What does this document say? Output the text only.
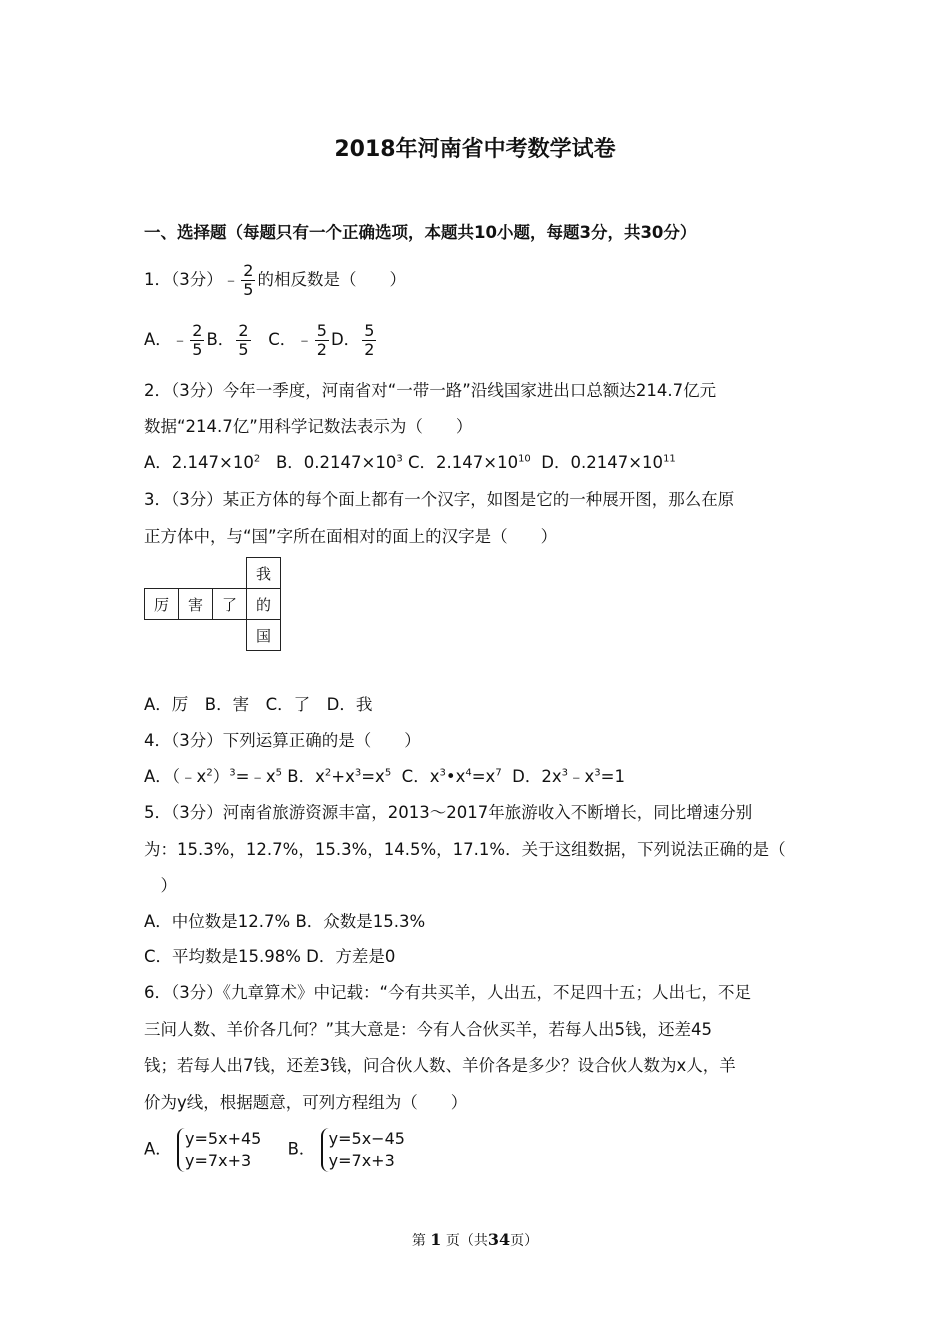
2018年河南省中考数学试卷
一、选择题（每题只有一个正确选项，本题共10小题，每题3分，共30分）
1．（3分）﹣ $\frac{2}{5}$ 的相反数是（　　）
A．﹣ $\frac{2}{5}$ B． $\frac{2}{5}$ C．﹣ $\frac{5}{2}$ D． $\frac{5}{2}$
2．（3分）今年一季度，河南省对“一带一路”沿线国家进出口总额达214.7亿元
数据“214.7亿”用科学记数法表示为（　　）
A．$2.147\times 10^2$ B．$0.2147\times 10^3$ C．$2.147\times 10^{10}$ D．$0.2147\times 10^{11}$
3．（3分）某正方体的每个面上都有一个汉字，如图是它的一种展开图，那么在原
正方体中，与“国”字所在面相对的面上的汉字是（　　）
			我
厉	害	了	的
			国
A．厉　B．害　C．了　D．我
4．（3分）下列运算正确的是（　　）
A．$(﹣x^2)^3=﹣x^5$ B．$x^2+x^3=x^5$  C．$x^3•x^4=x^7$  D．$2x^3﹣x^3=1$
5．（3分）河南省旅游资源丰富，2013～2017年旅游收入不断增长，同比增速分别
为：15.3%，12.7%，15.3%，14.5%，17.1%．关于这组数据，下列说法正确的是（
　）
A．中位数是12.7% B．众数是15.3%
C．平均数是15.98% D．方差是0
6．（3分）《九章算术》中记载：“今有共买羊，人出五，不足四十五；人出七，不足
三问人数、羊价各几何？”其大意是：今有人合伙买羊，若每人出5钱，还差45
钱；若每人出7钱，还差3钱，问合伙人数、羊价各是多少？设合伙人数为x人，羊
价为y线，根据题意，可列方程组为（　　）
A．
y=5x+45
y=7x+3
B．
y=5x−45
y=7x+3
第 1 页（共34页）
